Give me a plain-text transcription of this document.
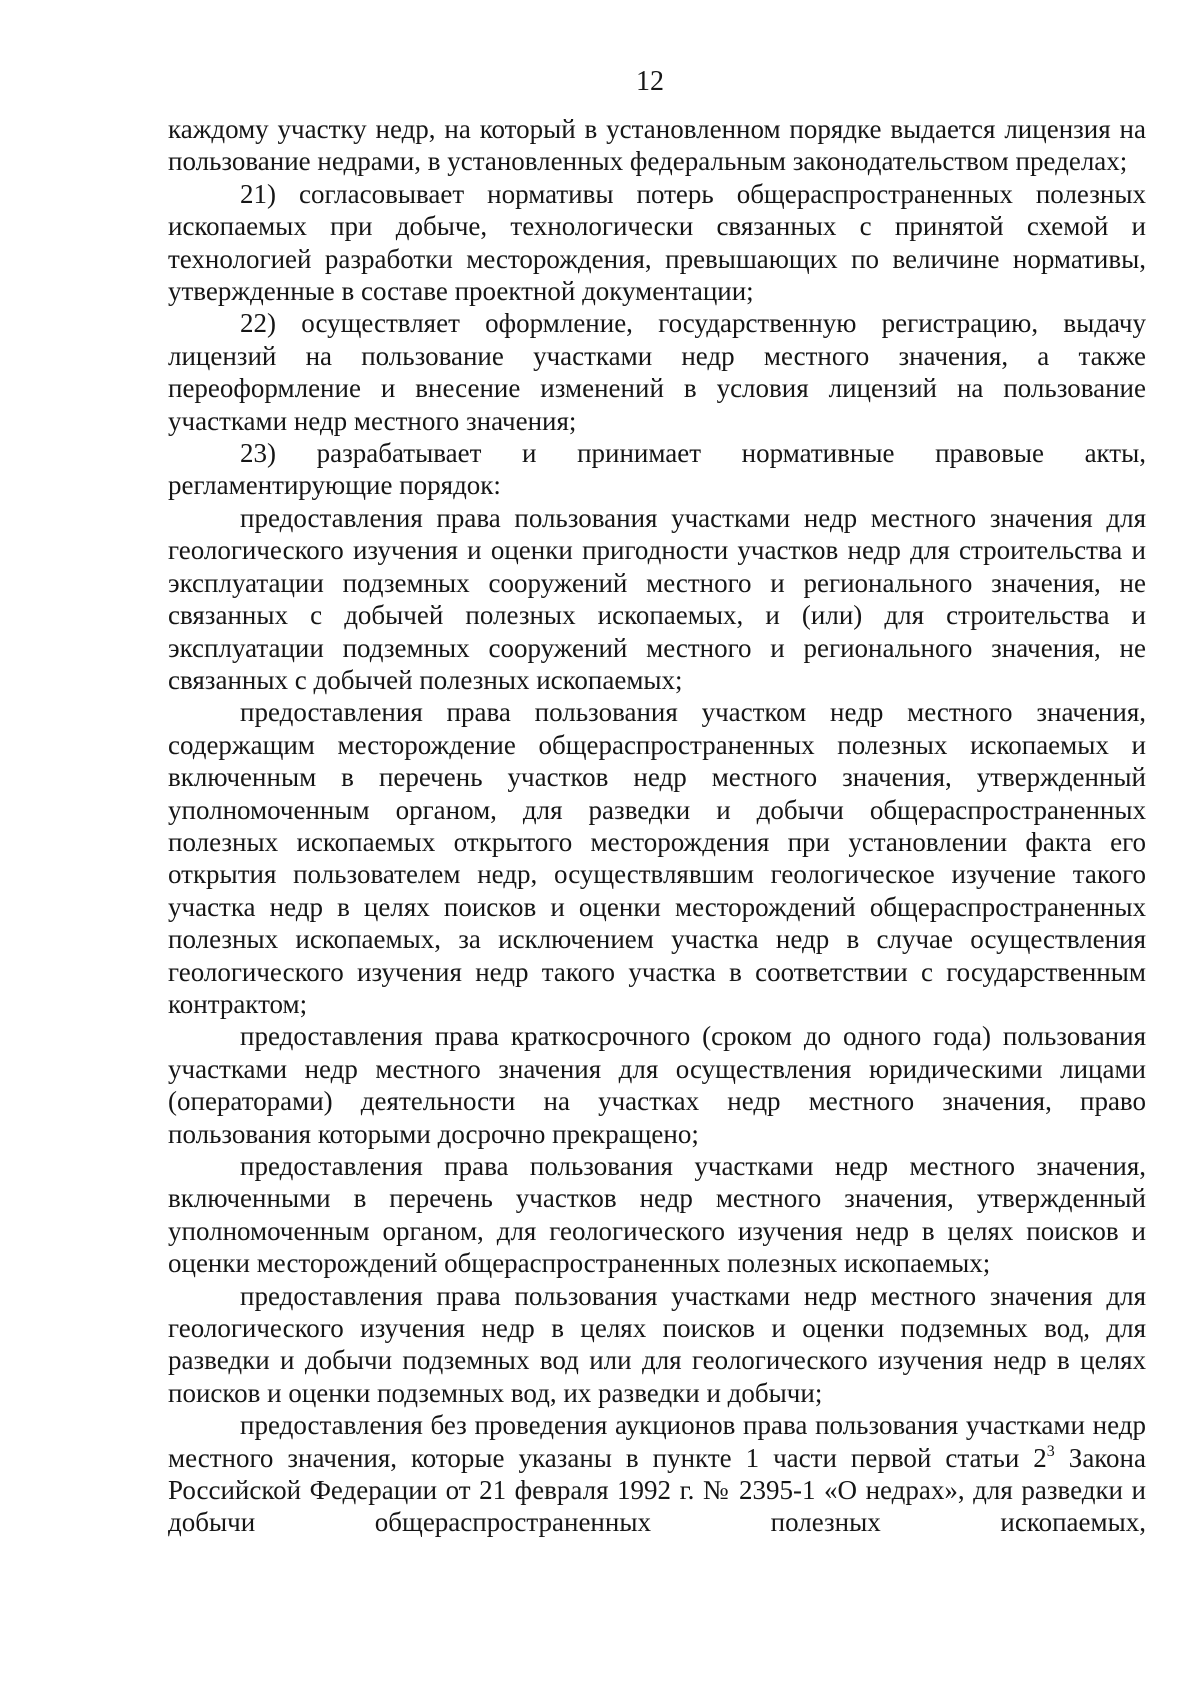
12

каждому участку недр, на который в установленном порядке выдается лицензия на пользование недрами, в установленных федеральным законодательством пределах;

21) согласовывает нормативы потерь общераспространенных полезных ископаемых при добыче, технологически связанных с принятой схемой и технологией разработки месторождения, превышающих по величине нормативы, утвержденные в составе проектной документации;

22) осуществляет оформление, государственную регистрацию, выдачу лицензий на пользование участками недр местного значения, а также переоформление и внесение изменений в условия лицензий на пользование участками недр местного значения;

23) разрабатывает и принимает нормативные правовые акты, регламентирующие порядок:

предоставления права пользования участками недр местного значения для геологического изучения и оценки пригодности участков недр для строительства и эксплуатации подземных сооружений местного и регионального значения, не связанных с добычей полезных ископаемых, и (или) для строительства и эксплуатации подземных сооружений местного и регионального значения, не связанных с добычей полезных ископаемых;

предоставления права пользования участком недр местного значения, содержащим месторождение общераспространенных полезных ископаемых и включенным в перечень участков недр местного значения, утвержденный уполномоченным органом, для разведки и добычи общераспространенных полезных ископаемых открытого месторождения при установлении факта его открытия пользователем недр, осуществлявшим геологическое изучение такого участка недр в целях поисков и оценки месторождений общераспространенных полезных ископаемых, за исключением участка недр в случае осуществления геологического изучения недр такого участка в соответствии с государственным контрактом;

предоставления права краткосрочного (сроком до одного года) пользования участками недр местного значения для осуществления юридическими лицами (операторами) деятельности на участках недр местного значения, право пользования которыми досрочно прекращено;

предоставления права пользования участками недр местного значения, включенными в перечень участков недр местного значения, утвержденный уполномоченным органом, для геологического изучения недр в целях поисков и оценки месторождений общераспространенных полезных ископаемых;

предоставления права пользования участками недр местного значения для геологического изучения недр в целях поисков и оценки подземных вод, для разведки и добычи подземных вод или для геологического изучения недр в целях поисков и оценки подземных вод, их разведки и добычи;

предоставления без проведения аукционов права пользования участками недр местного значения, которые указаны в пункте 1 части первой статьи $2^3$ Закона Российской Федерации от 21 февраля 1992 г. № 2395-1 «О недрах», для разведки и добычи общераспространенных полезных ископаемых,
